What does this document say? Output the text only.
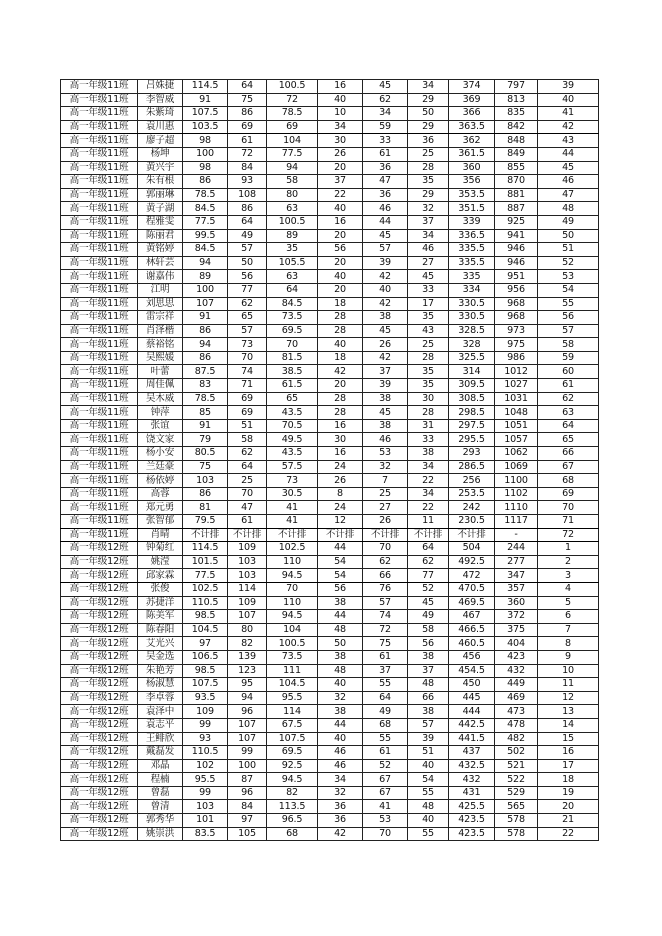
高一年级11班	吕姝捷	114.5	64	100.5	16	45	34	374	797	39
高一年级11班	李智威	91	75	72	40	62	29	369	813	40
高一年级11班	朱紫琦	107.5	86	78.5	10	34	50	366	835	41
高一年级11班	袁川惠	103.5	69	69	34	59	29	363.5	842	42
高一年级11班	廖子超	98	61	104	30	33	36	362	848	43
高一年级11班	杨坤	100	72	77.5	26	61	25	361.5	849	44
高一年级11班	黄兴宇	98	84	94	20	36	28	360	855	45
高一年级11班	朱有根	86	93	58	37	47	35	356	870	46
高一年级11班	郭丽琳	78.5	108	80	22	36	29	353.5	881	47
高一年级11班	黄子湖	84.5	86	63	40	46	32	351.5	887	48
高一年级11班	程雅雯	77.5	64	100.5	16	44	37	339	925	49
高一年级11班	陈丽君	99.5	49	89	20	45	34	336.5	941	50
高一年级11班	黄铭婷	84.5	57	35	56	57	46	335.5	946	51
高一年级11班	林轩芸	94	50	105.5	20	39	27	335.5	946	52
高一年级11班	谢嘉伟	89	56	63	40	42	45	335	951	53
高一年级11班	江明	100	77	64	20	40	33	334	956	54
高一年级11班	刘思思	107	62	84.5	18	42	17	330.5	968	55
高一年级11班	雷宗祥	91	65	73.5	28	38	35	330.5	968	56
高一年级11班	肖泽楷	86	57	69.5	28	45	43	328.5	973	57
高一年级11班	蔡裕铭	94	73	70	40	26	25	328	975	58
高一年级11班	吴熙媛	86	70	81.5	18	42	28	325.5	986	59
高一年级11班	叶蕾	87.5	74	38.5	42	37	35	314	1012	60
高一年级11班	周佳佩	83	71	61.5	20	39	35	309.5	1027	61
高一年级11班	吴木威	78.5	69	65	28	38	30	308.5	1031	62
高一年级11班	钟萍	85	69	43.5	28	45	28	298.5	1048	63
高一年级11班	张谊	91	51	70.5	16	38	31	297.5	1051	64
高一年级11班	饶文家	79	58	49.5	30	46	33	295.5	1057	65
高一年级11班	杨小安	80.5	62	43.5	16	53	38	293	1062	66
高一年级11班	兰廷豪	75	64	57.5	24	32	34	286.5	1069	67
高一年级11班	杨依婷	103	25	73	26	7	22	256	1100	68
高一年级11班	高蓉	86	70	30.5	8	25	34	253.5	1102	69
高一年级11班	郑元勇	81	47	41	24	27	22	242	1110	70
高一年级11班	张智郁	79.5	61	41	12	26	11	230.5	1117	71
高一年级11班	肖晴	不计排	不计排	不计排	不计排	不计排	不计排	不计排	-	72
高一年级12班	钟菊红	114.5	109	102.5	44	70	64	504	244	1
高一年级12班	姚滢	101.5	103	110	54	62	62	492.5	277	2
高一年级12班	邱家霖	77.5	103	94.5	54	66	77	472	347	3
高一年级12班	张俊	102.5	114	70	56	76	52	470.5	357	4
高一年级12班	苏捷洋	110.5	109	110	38	57	45	469.5	360	5
高一年级12班	陈美军	98.5	107	94.5	44	74	49	467	372	6
高一年级12班	陈春阳	104.5	80	104	48	72	58	466.5	375	7
高一年级12班	艾光兴	97	82	100.5	50	75	56	460.5	404	8
高一年级12班	吴金选	106.5	139	73.5	38	61	38	456	423	9
高一年级12班	朱艳芳	98.5	123	111	48	37	37	454.5	432	10
高一年级12班	杨淑慧	107.5	95	104.5	40	55	48	450	449	11
高一年级12班	李卓蓉	93.5	94	95.5	32	64	66	445	469	12
高一年级12班	袁泽中	109	96	114	38	49	38	444	473	13
高一年级12班	袁志平	99	107	67.5	44	68	57	442.5	478	14
高一年级12班	王鲱欣	93	107	107.5	40	55	39	441.5	482	15
高一年级12班	戴磊发	110.5	99	69.5	46	61	51	437	502	16
高一年级12班	邓晶	102	100	92.5	46	52	40	432.5	521	17
高一年级12班	程楠	95.5	87	94.5	34	67	54	432	522	18
高一年级12班	曾磊	99	96	82	32	67	55	431	529	19
高一年级12班	曾清	103	84	113.5	36	41	48	425.5	565	20
高一年级12班	郭秀华	101	97	96.5	36	53	40	423.5	578	21
高一年级12班	姚崇洪	83.5	105	68	42	70	55	423.5	578	22
